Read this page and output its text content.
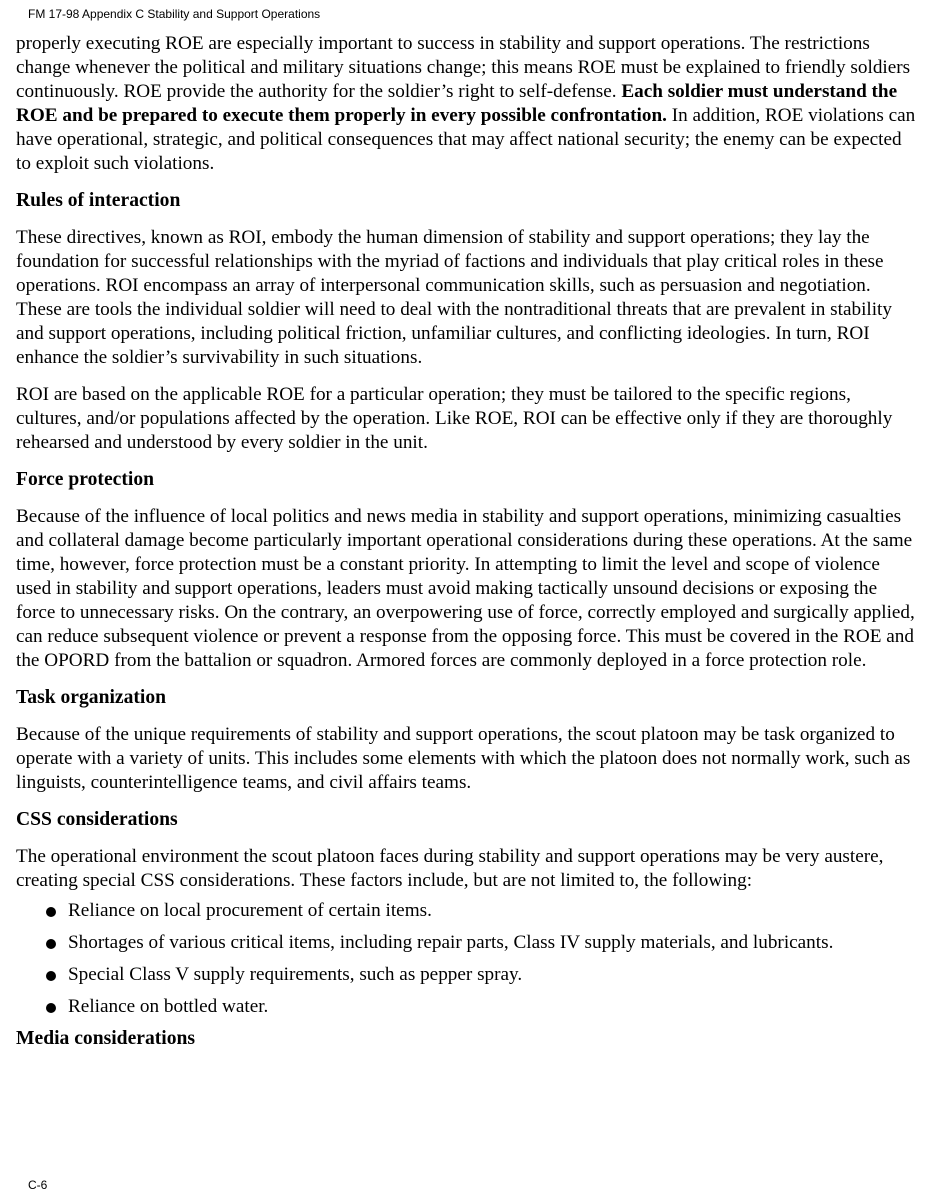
FM 17-98 Appendix C Stability and Support Operations

properly executing ROE are especially important to success in stability and support operations. The restrictions change whenever the political and military situations change; this means ROE must be explained to friendly soldiers continuously. ROE provide the authority for the soldier’s right to self-defense. Each soldier must understand the ROE and be prepared to execute them properly in every possible confrontation. In addition, ROE violations can have operational, strategic, and political consequences that may affect national security; the enemy can be expected to exploit such violations.

Rules of interaction

These directives, known as ROI, embody the human dimension of stability and support operations; they lay the foundation for successful relationships with the myriad of factions and individuals that play critical roles in these operations. ROI encompass an array of interpersonal communication skills, such as persuasion and negotiation. These are tools the individual soldier will need to deal with the nontraditional threats that are prevalent in stability and support operations, including political friction, unfamiliar cultures, and conflicting ideologies. In turn, ROI enhance the soldier’s survivability in such situations.

ROI are based on the applicable ROE for a particular operation; they must be tailored to the specific regions, cultures, and/or populations affected by the operation. Like ROE, ROI can be effective only if they are thoroughly rehearsed and understood by every soldier in the unit.

Force protection

Because of the influence of local politics and news media in stability and support operations, minimizing casualties and collateral damage become particularly important operational considerations during these operations. At the same time, however, force protection must be a constant priority. In attempting to limit the level and scope of violence used in stability and support operations, leaders must avoid making tactically unsound decisions or exposing the force to unnecessary risks. On the contrary, an overpowering use of force, correctly employed and surgically applied, can reduce subsequent violence or prevent a response from the opposing force. This must be covered in the ROE and the OPORD from the battalion or squadron. Armored forces are commonly deployed in a force protection role.

Task organization

Because of the unique requirements of stability and support operations, the scout platoon may be task organized to operate with a variety of units. This includes some elements with which the platoon does not normally work, such as linguists, counterintelligence teams, and civil affairs teams.

CSS considerations

The operational environment the scout platoon faces during stability and support operations may be very austere, creating special CSS considerations. These factors include, but are not limited to, the following:

Reliance on local procurement of certain items.
Shortages of various critical items, including repair parts, Class IV supply materials, and lubricants.
Special Class V supply requirements, such as pepper spray.
Reliance on bottled water.
Media considerations
C-6
